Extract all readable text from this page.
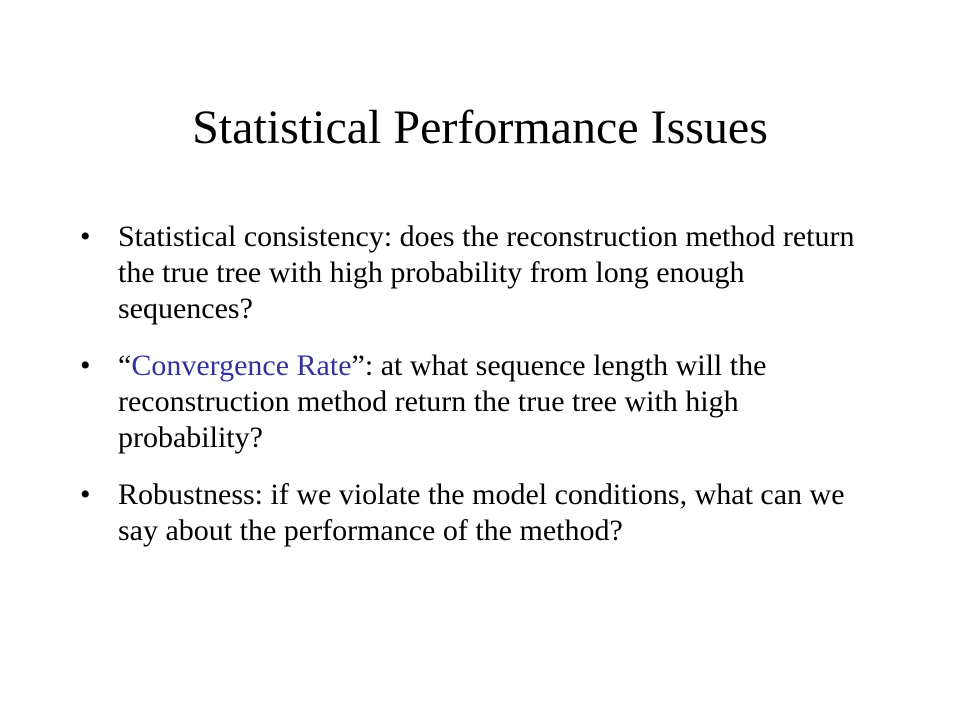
Statistical Performance Issues
• Statistical consistency: does the reconstruction method return the true tree with high probability from long enough sequences?
• “Convergence Rate”: at what sequence length will the reconstruction method return the true tree with high probability?
• Robustness: if we violate the model conditions, what can we say about the performance of the method?
